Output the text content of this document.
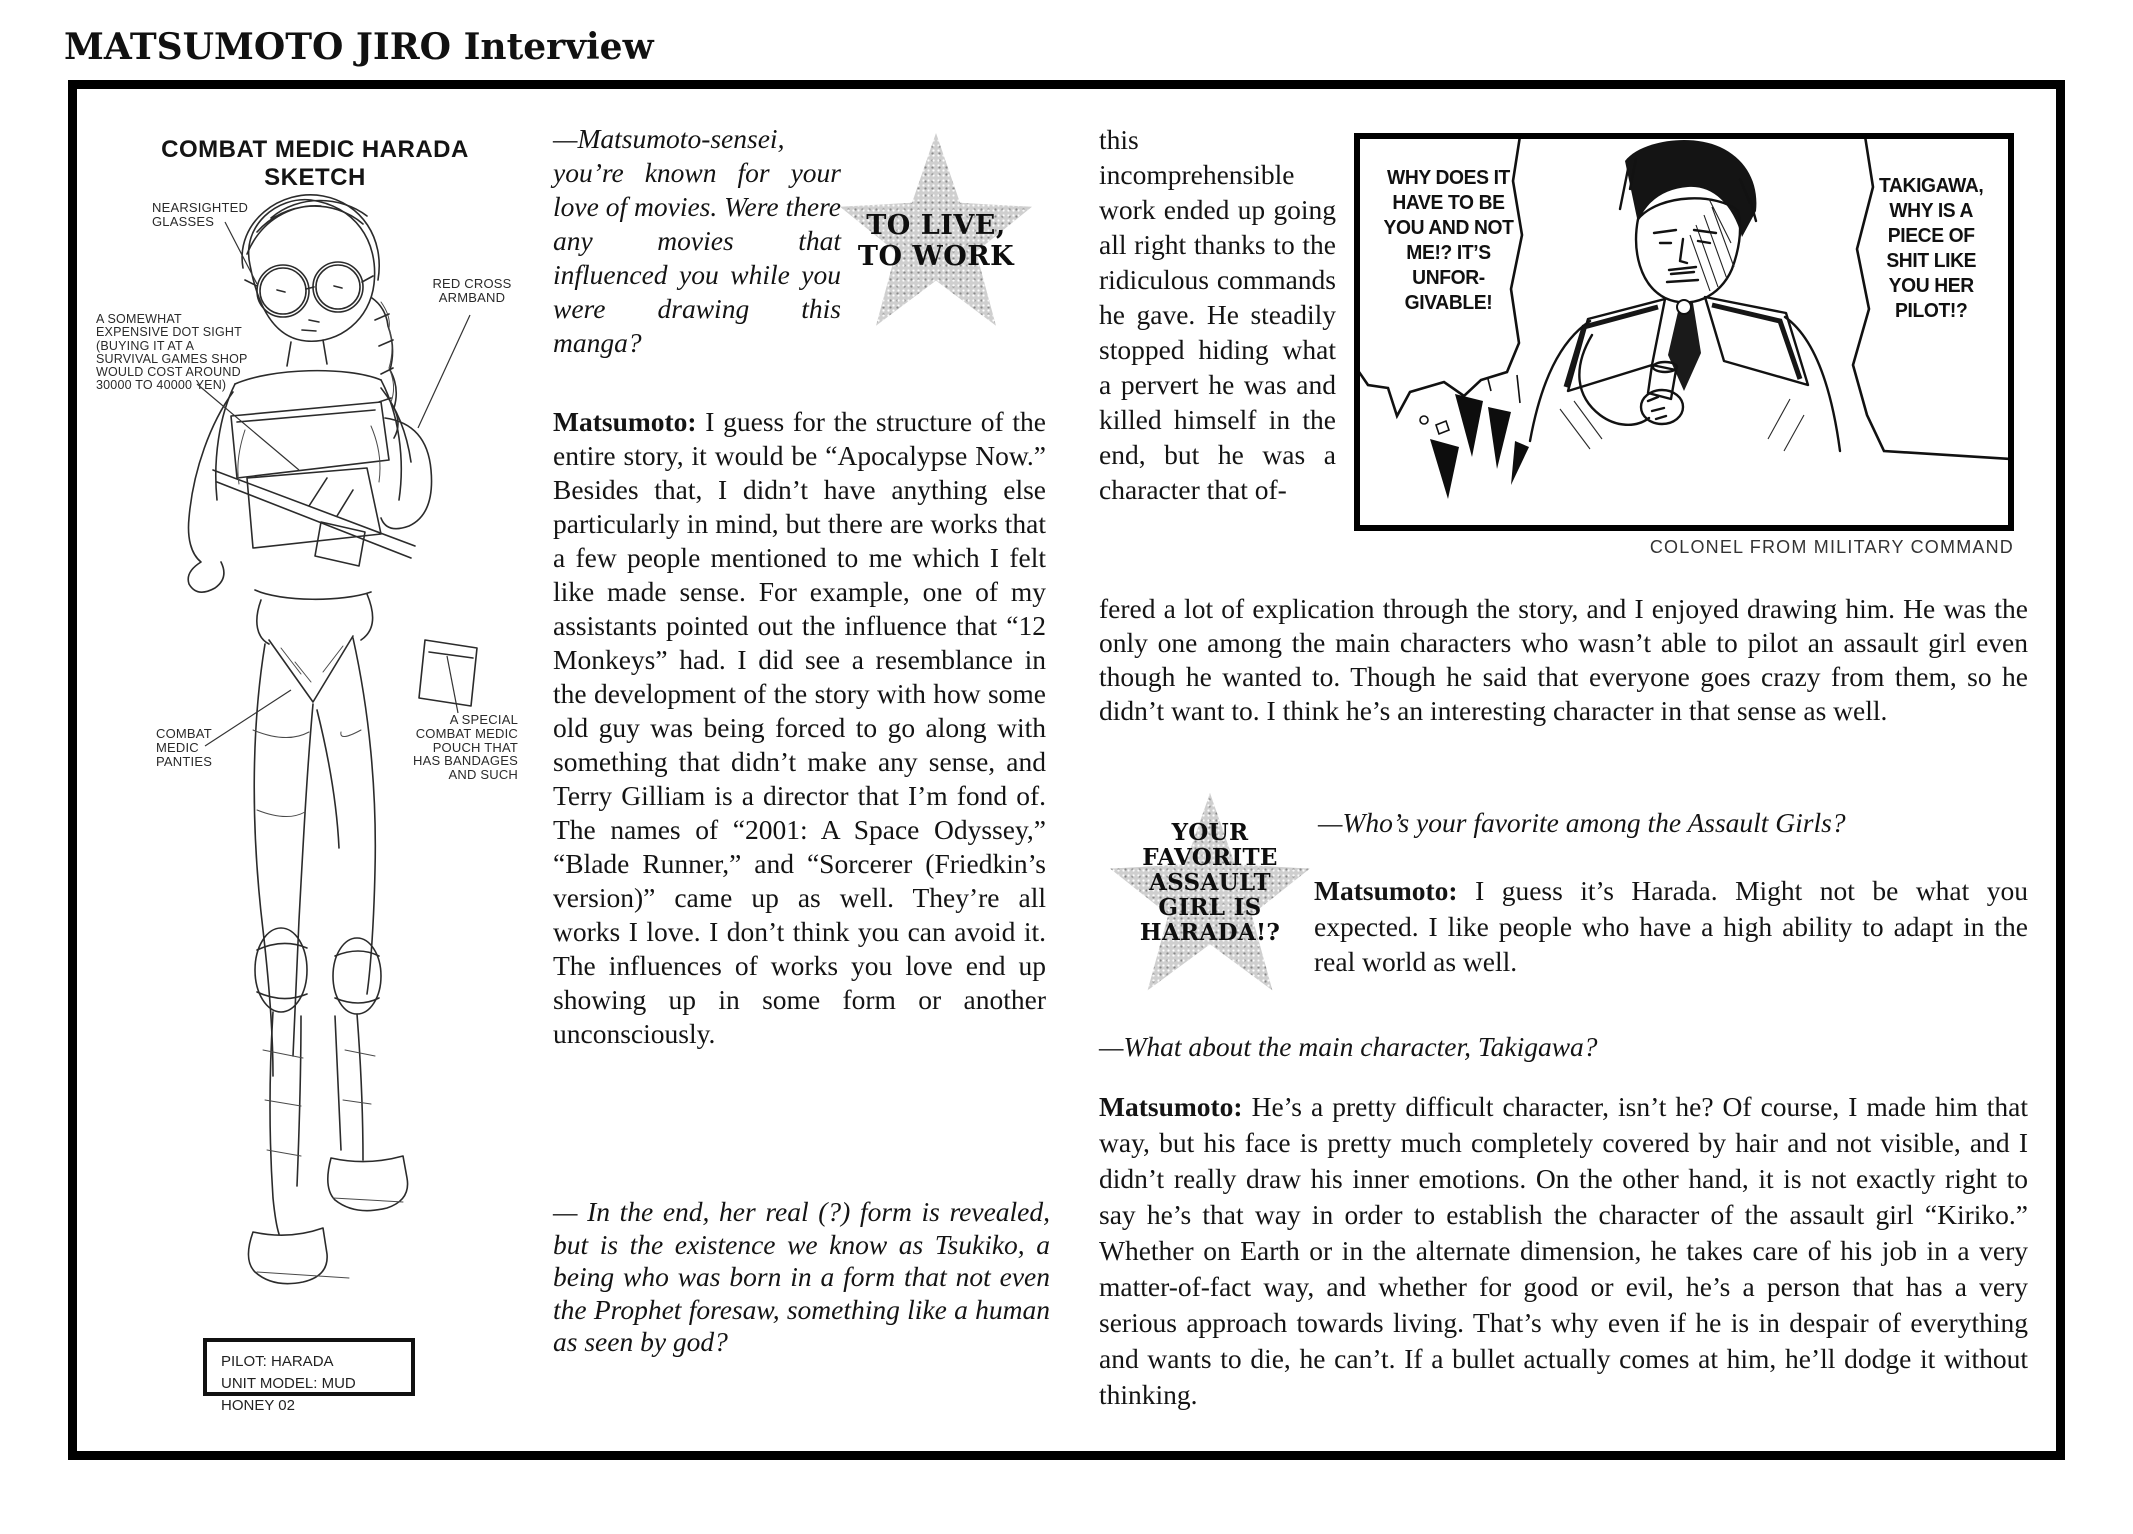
MATSUMOTO JIRO Interview
COMBAT MEDIC HARADA SKETCH
NEARSIGHTED GLASSES
RED CROSS ARMBAND
A SOMEWHAT EXPENSIVE DOT SIGHT (BUYING IT AT A SURVIVAL GAMES SHOP WOULD COST AROUND 30000 TO 40000 YEN)
COMBAT MEDIC PANTIES
A SPECIAL COMBAT MEDIC POUCH THAT HAS BANDAGES AND SUCH
PILOT: HARADA
UNIT MODEL: MUD HONEY 02
—Matsumoto-sensei, you’re known for your love of movies. Were there any movies that influenced you while you were drawing this manga?
TO LIVE,
TO WORK

Matsumoto: I guess for the structure of the entire story, it would be “Apocalypse Now.” Besides that, I didn’t have anything else particularly in mind, but there are works that a few people mentioned to me which I felt like made sense. For example, one of my assistants pointed out the influence that “12 Monkeys” had. I did see a resemblance in the development of the story with how some old guy was being forced to go along with something that didn’t make any sense, and Terry Gilliam is a director that I’m fond of. The names of “2001: A Space Odyssey,” “Blade Runner,” and “Sorcerer (Friedkin’s version)” came up as well. They’re all works I love. I don’t think you can avoid it. The influences of works you love end up showing up in some form or another unconsciously.

— In the end, her real (?) form is revealed, but is the existence we know as Tsukiko, a being who was born in a form that not even the Prophet foresaw, something like a human as seen by god?
this incomprehensible work ended up going all right thanks to the ridiculous commands he gave. He steadily stopped hiding what a pervert he was and killed himself in the end, but he was a character that of-
WHY DOES IT HAVE TO BE YOU AND NOT ME!? IT’S UNFOR- GIVABLE!
TAKIGAWA, WHY IS A PIECE OF SHIT LIKE YOU HER PILOT!?
COLONEL FROM MILITARY COMMAND
fered a lot of explication through the story, and I enjoyed drawing him. He was the only one among the main characters who wasn’t able to pilot an assault girl even though he wanted to. Though he said that everyone goes crazy from them, so he didn’t want to. I think he’s an interesting character in that sense as well.
YOUR
FAVORITE
ASSAULT
GIRL IS
HARADA!?
—Who’s your favorite among the Assault Girls?

Matsumoto: I guess it’s Harada. Might not be what you expected. I like people who have a high ability to adapt in the real world as well.

—What about the main character, Takigawa?

Matsumoto: He’s a pretty difficult character, isn’t he? Of course, I made him that way, but his face is pretty much completely covered by hair and not visible, and I didn’t really draw his inner emotions. On the other hand, it is not exactly right to say he’s that way in order to establish the character of the assault girl “Kiriko.” Whether on Earth or in the alternate dimension, he takes care of his job in a very matter-of-fact way, and whether for good or evil, he’s a person that has a very serious approach towards living. That’s why even if he is in despair of everything and wants to die, he can’t. If a bullet actually comes at him, he’ll dodge it without thinking.
